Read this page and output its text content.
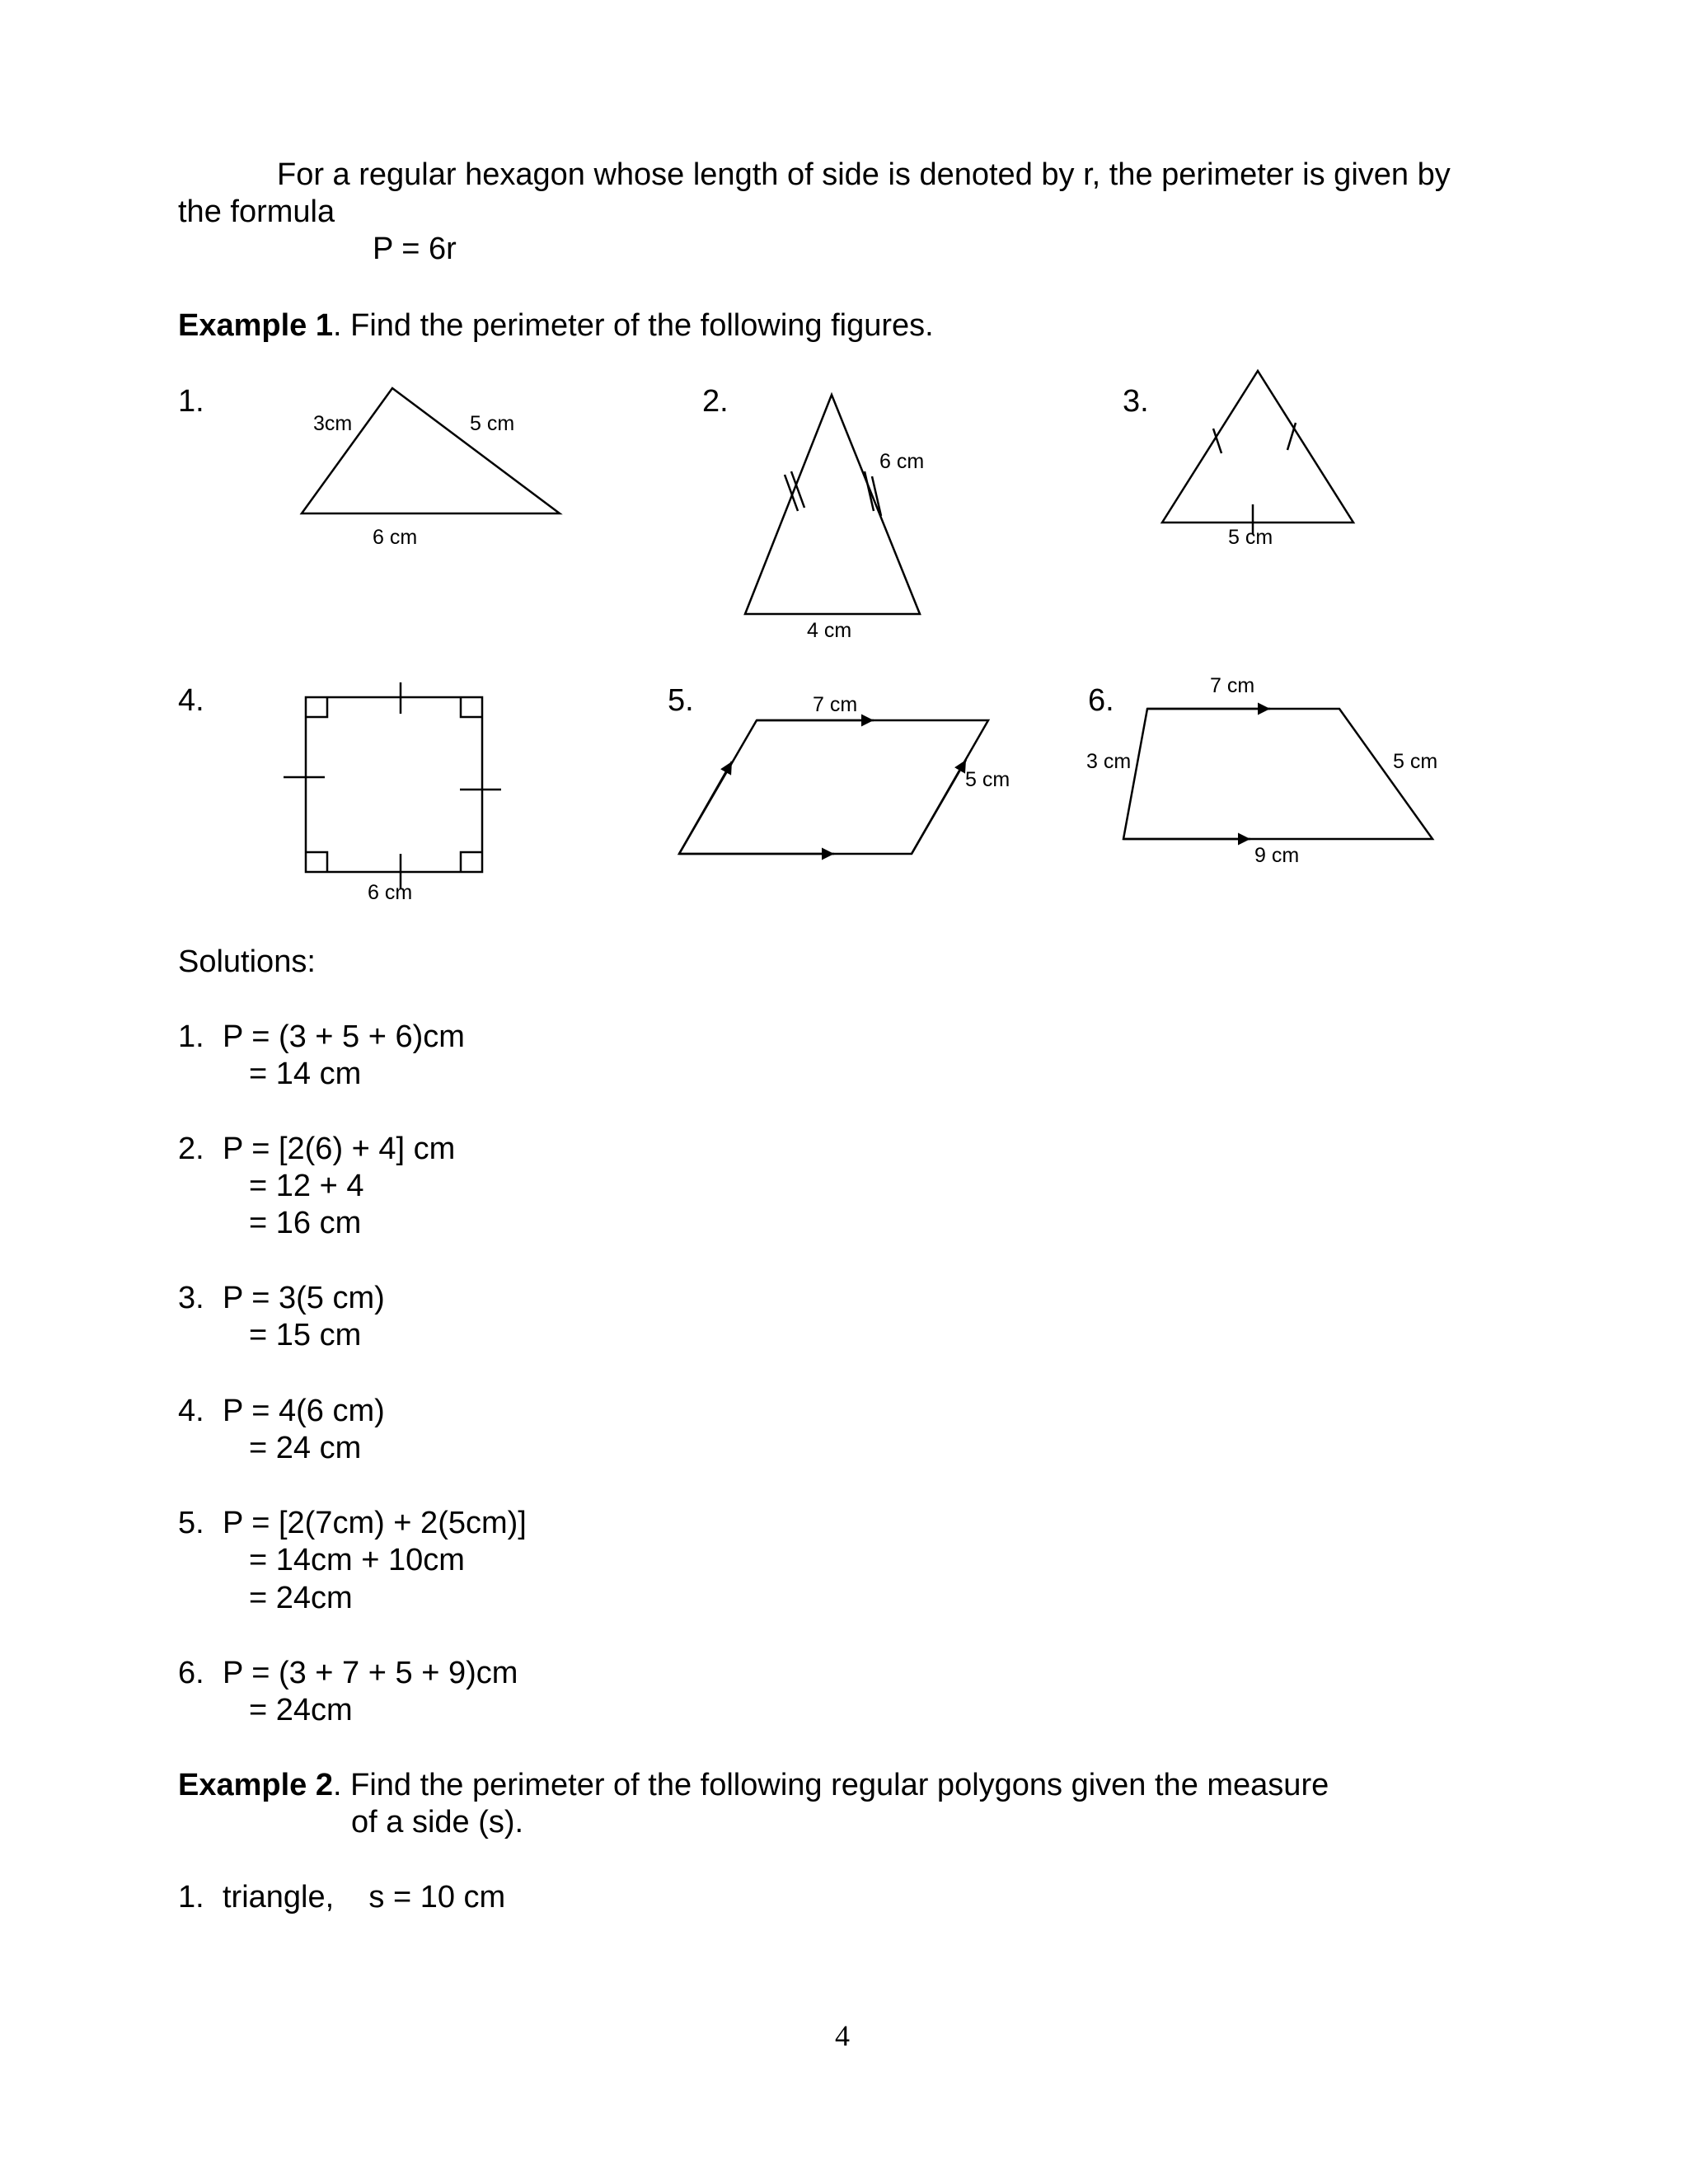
For a regular hexagon whose length of side is denoted by r, the perimeter is given by
the formula
P = 6r
Example 1. Find the perimeter of the following figures.
1.	2.	3.
4.	5.	6.
3cm	5 cm
6 cm
6 cm
4 cm
5 cm
6 cm
7 cm
5 cm
7 cm
3 cm	5 cm
9 cm
Solutions:
1. P = (3 + 5 + 6)cm
= 14 cm
2. P = [2(6) + 4] cm
= 12 + 4
= 16 cm
3. P = 3(5 cm)
= 15 cm
4. P = 4(6 cm)
= 24 cm
5. P = [2(7cm) + 2(5cm)]
= 14cm + 10cm
= 24cm
6. P = (3 + 7 + 5 + 9)cm
= 24cm
Example 2. Find the perimeter of the following regular polygons given the measure
of a side (s).
1. triangle,    s = 10 cm
4
